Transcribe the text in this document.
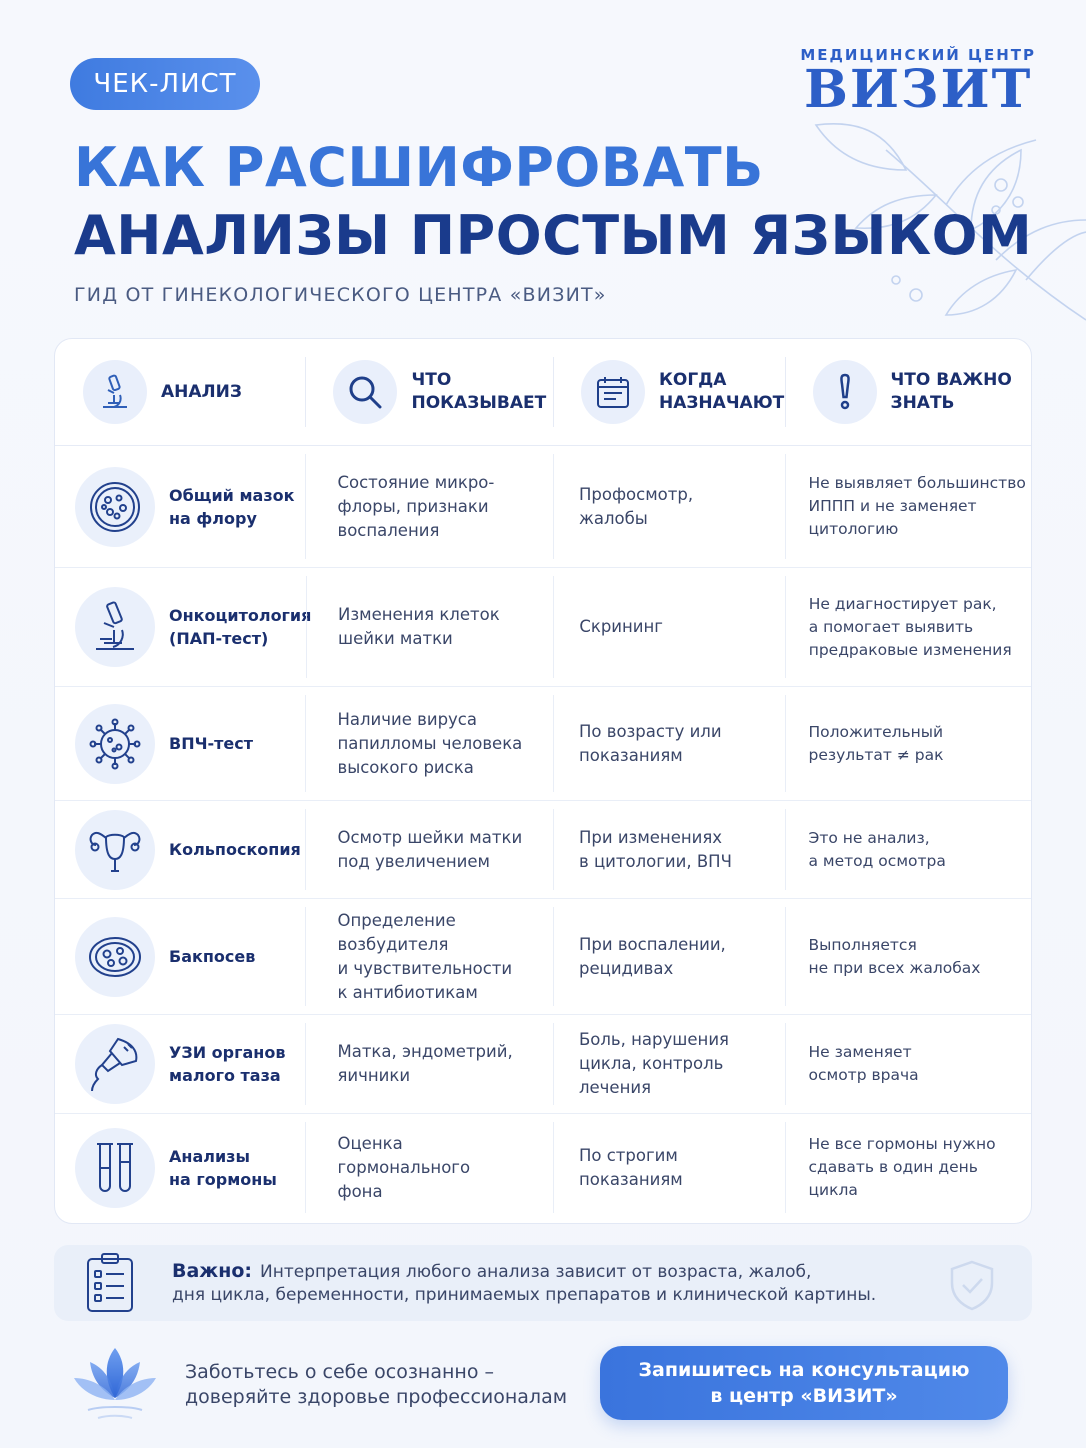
ЧЕК-ЛИСТ
МЕДИЦИНСКИЙ ЦЕНТР
ВИЗИТ
КАК РАСШИФРОВАТЬ
АНАЛИЗЫ ПРОСТЫМ ЯЗЫКОМ
ГИД ОТ ГИНЕКОЛОГИЧЕСКОГО ЦЕНТРА «ВИЗИТ»
АНАЛИЗ
ЧТО
ПОКАЗЫВАЕТ
КОГДА
НАЗНАЧАЮТ
ЧТО ВАЖНО
ЗНАТЬ
Общий мазок
на флору
Состояние микро-
флоры, признаки
воспаления
Профосмотр,
жалобы
Не выявляет большинство
ИППП и не заменяет
цитологию
Онкоцитология
(ПАП-тест)
Изменения клеток
шейки матки
Скрининг
Не диагностирует рак,
а помогает выявить
предраковые изменения
ВПЧ-тест
Наличие вируса
папилломы человека
высокого риска
По возрасту или
показаниям
Положительный
результат ≠ рак
Кольпоскопия
Осмотр шейки матки
под увеличением
При изменениях
в цитологии, ВПЧ
Это не анализ,
а метод осмотра
Бакпосев
Определение
возбудителя
и чувствительности
к антибиотикам
При воспалении,
рецидивах
Выполняется
не при всех жалобах
УЗИ органов
малого таза
Матка, эндометрий,
яичники
Боль, нарушения
цикла, контроль
лечения
Не заменяет
осмотр врача
Анализы
на гормоны
Оценка
гормонального
фона
По строгим
показаниям
Не все гормоны нужно
сдавать в один день
цикла
Важно: Интерпретация любого анализа зависит от возраста, жалоб,
дня цикла, беременности, принимаемых препаратов и клинической картины.
Заботьтесь о себе осознанно –
доверяйте здоровье профессионалам
Запишитесь на консультацию
в центр «ВИЗИТ»
